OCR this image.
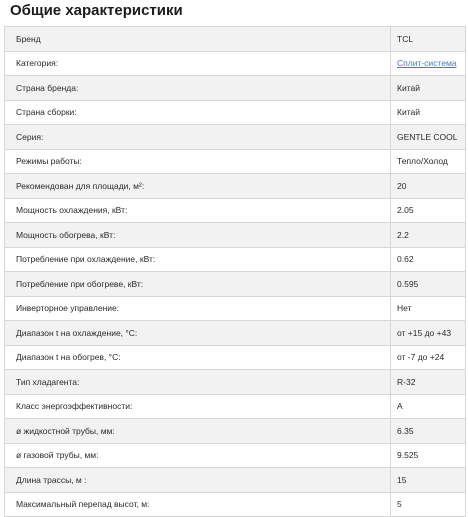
Общие характеристики
Бренд	TCL
Категория:	Сплит-система
Страна бренда:	Китай
Страна сборки:	Китай
Серия:	GENTLE COOL
Режимы работы:	Тепло/Холод
Рекомендован для площади, м²:	20
Мощность охлаждения, кВт:	2.05
Мощность обогрева, кВт:	2.2
Потребление при охлаждение, кВт:	0.62
Потребление при обогреве, кВт:	0.595
Инверторное управление:	Нет
Диапазон t на охлаждение, °С:	от +15 до +43
Диапазон t на обогрев, °С:	от -7 до +24
Тип хладагента:	R-32
Класс энергоэффективности:	A
ø жидкостной трубы, мм:	6.35
ø газовой трубы, мм:	9.525
Длина трассы, м :	15
Максимальный перепад высот, м:	5
